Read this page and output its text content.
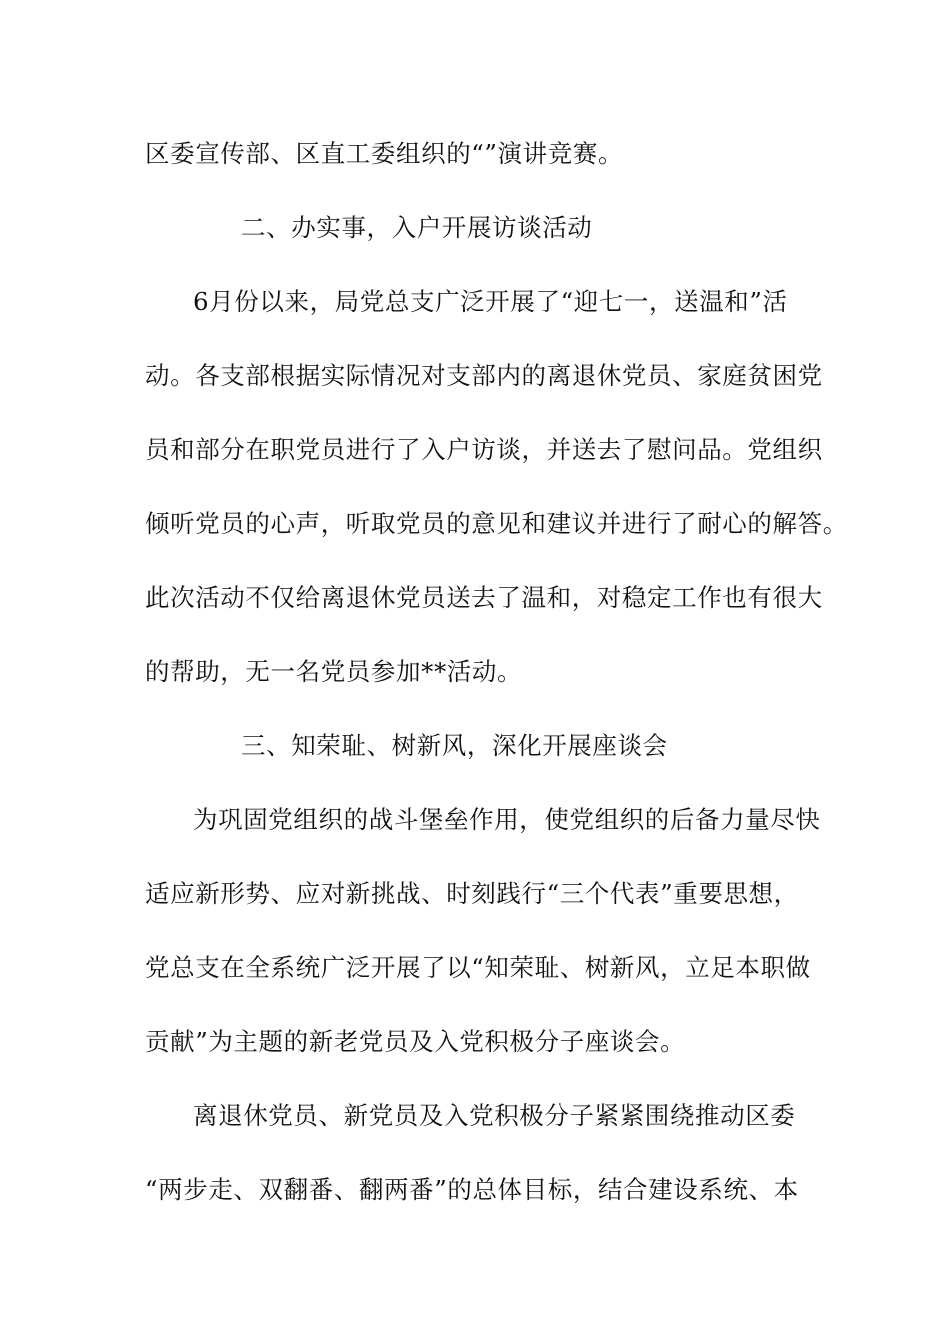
区委宣传部、区直工委组织的“”演讲竞赛。
二、办实事，入户开展访谈活动
6月份以来，局党总支广泛开展了“迎七一，送温和”活
动。各支部根据实际情况对支部内的离退休党员、家庭贫困党
员和部分在职党员进行了入户访谈，并送去了慰问品。党组织
倾听党员的心声，听取党员的意见和建议并进行了耐心的解答。
此次活动不仅给离退休党员送去了温和，对稳定工作也有很大
的帮助，无一名党员参加**活动。
三、知荣耻、树新风，深化开展座谈会
为巩固党组织的战斗堡垒作用，使党组织的后备力量尽快
适应新形势、应对新挑战、时刻践行“三个代表”重要思想，
党总支在全系统广泛开展了以“知荣耻、树新风，立足本职做
贡献”为主题的新老党员及入党积极分子座谈会。
离退休党员、新党员及入党积极分子紧紧围绕推动区委
“两步走、双翻番、翻两番”的总体目标，结合建设系统、本
